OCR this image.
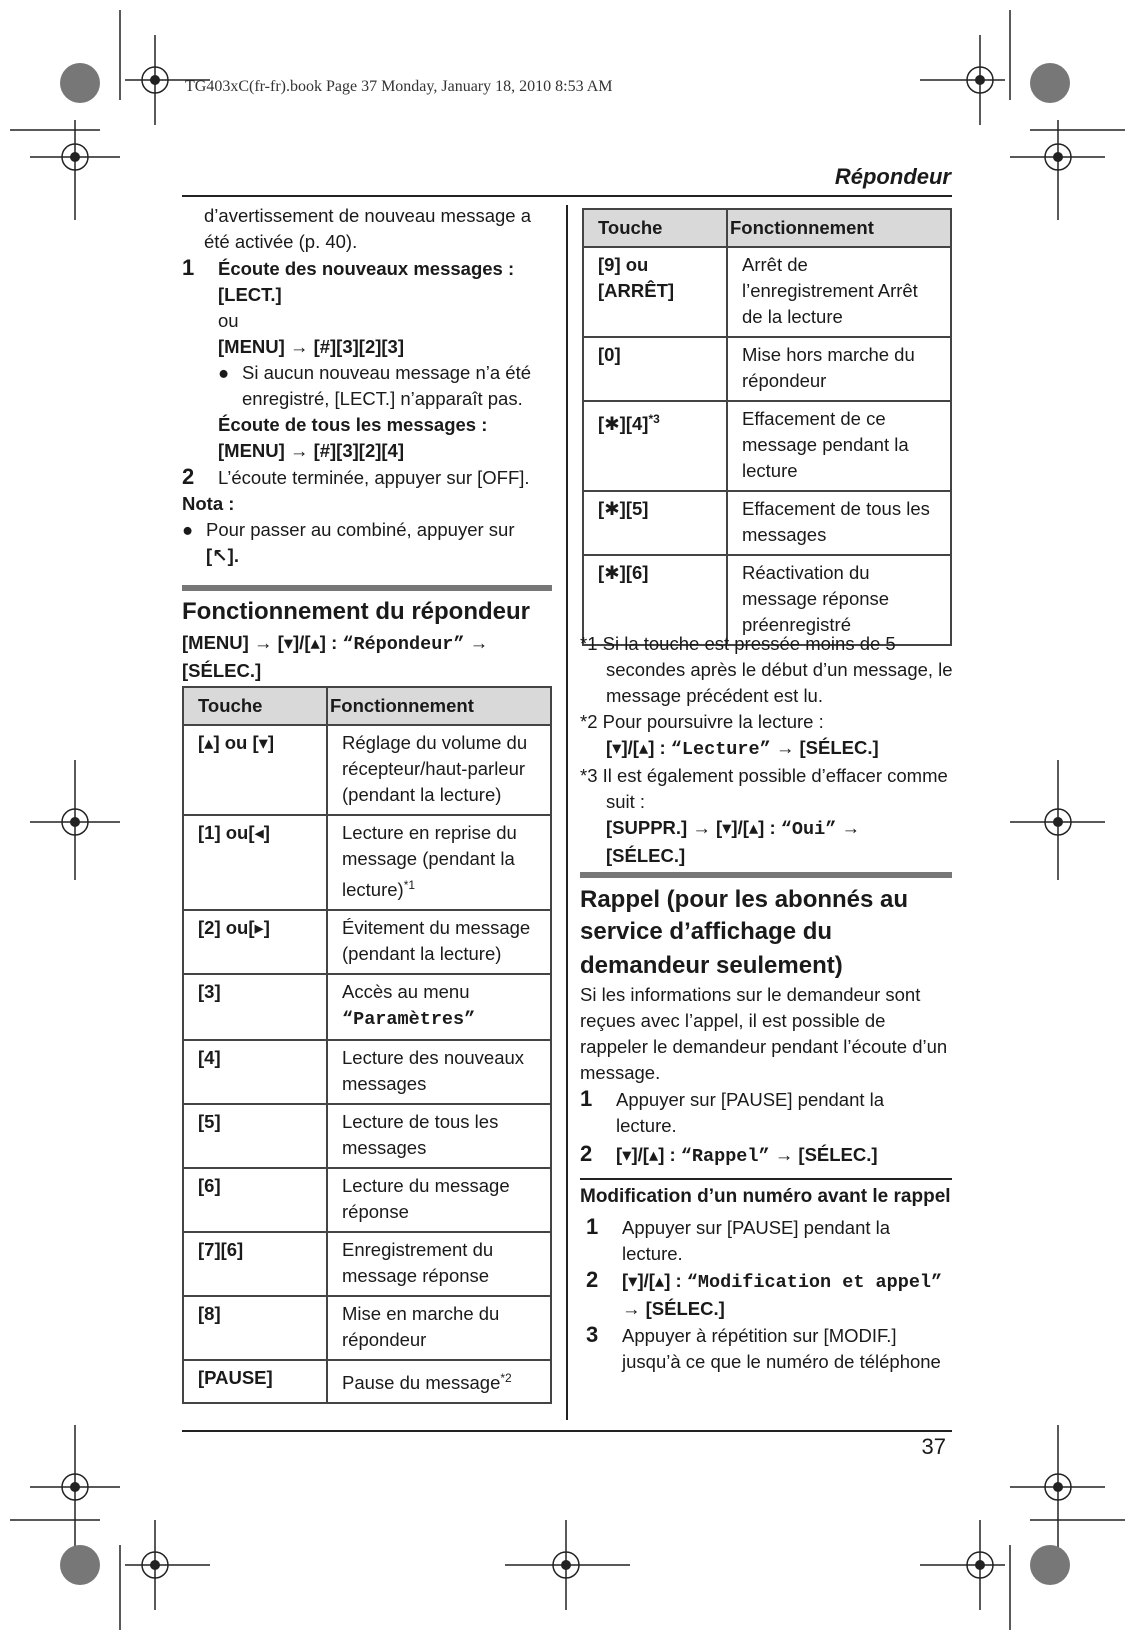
TG403xC(fr-fr).book Page 37 Monday, January 18, 2010 8:53 AM
Répondeur

d’avertissement de nouveau message a

été activée (p. 40).

1 Écoute des nouveaux messages :

[LECT.]

ou

[MENU] → [#][3][2][3]

● Si aucun nouveau message n’a été

enregistré, [LECT.] n’apparaît pas.

Écoute de tous les messages :

[MENU] → [#][3][2][4]

2 L’écoute terminée, appuyer sur [OFF].

Nota :

● Pour passer au combiné, appuyer sur

[↖].

Fonctionnement du répondeur

[MENU] → [▾]/[▴] : “Répondeur” →

[SÉLEC.]

Touche	Fonctionnement
[▴] ou [▾]	Réglage du volume du récepteur/haut-parleur (pendant la lecture)
[1] ou[◂]	Lecture en reprise du message (pendant la lecture)$^{*1}$
[2] ou[▸]	Évitement du message (pendant la lecture)
[3]	Accès au menu
“Paramètres”
[4]	Lecture des nouveaux messages
[5]	Lecture de tous les messages
[6]	Lecture du message réponse
[7][6]	Enregistrement du message réponse
[8]	Mise en marche du répondeur
[PAUSE]	Pause du message$^{*2}$
Touche	Fonctionnement
[9] ou [ARRÊT]	Arrêt de l’enregistrement Arrêt de la lecture
[0]	Mise hors marche du répondeur
$[✱][4]^{*3}$	Effacement de ce message pendant la lecture
[✱][5]	Effacement de tous les messages
[✱][6]	Réactivation du message réponse préenregistré

*1 Si la touche est pressée moins de 5

secondes après le début d’un message, le

message précédent est lu.

*2 Pour poursuivre la lecture :

[▾]/[▴] : “Lecture” → [SÉLEC.]

*3 Il est également possible d’effacer comme

suit :

[SUPPR.] → [▾]/[▴] : “Oui” →

[SÉLEC.]

Rappel (pour les abonnés au
service d’affichage du
demandeur seulement)

Si les informations sur le demandeur sont

reçues avec l’appel, il est possible de

rappeler le demandeur pendant l’écoute d’un

message.

1 Appuyer sur [PAUSE] pendant la

lecture.

2 [▾]/[▴] : “Rappel” → [SÉLEC.]

Modification d’un numéro avant le rappel

1 Appuyer sur [PAUSE] pendant la

lecture.

2 [▾]/[▴] : “Modification et appel”

→ [SÉLEC.]

3 Appuyer à répétition sur [MODIF.]

jusqu’à ce que le numéro de téléphone

37
